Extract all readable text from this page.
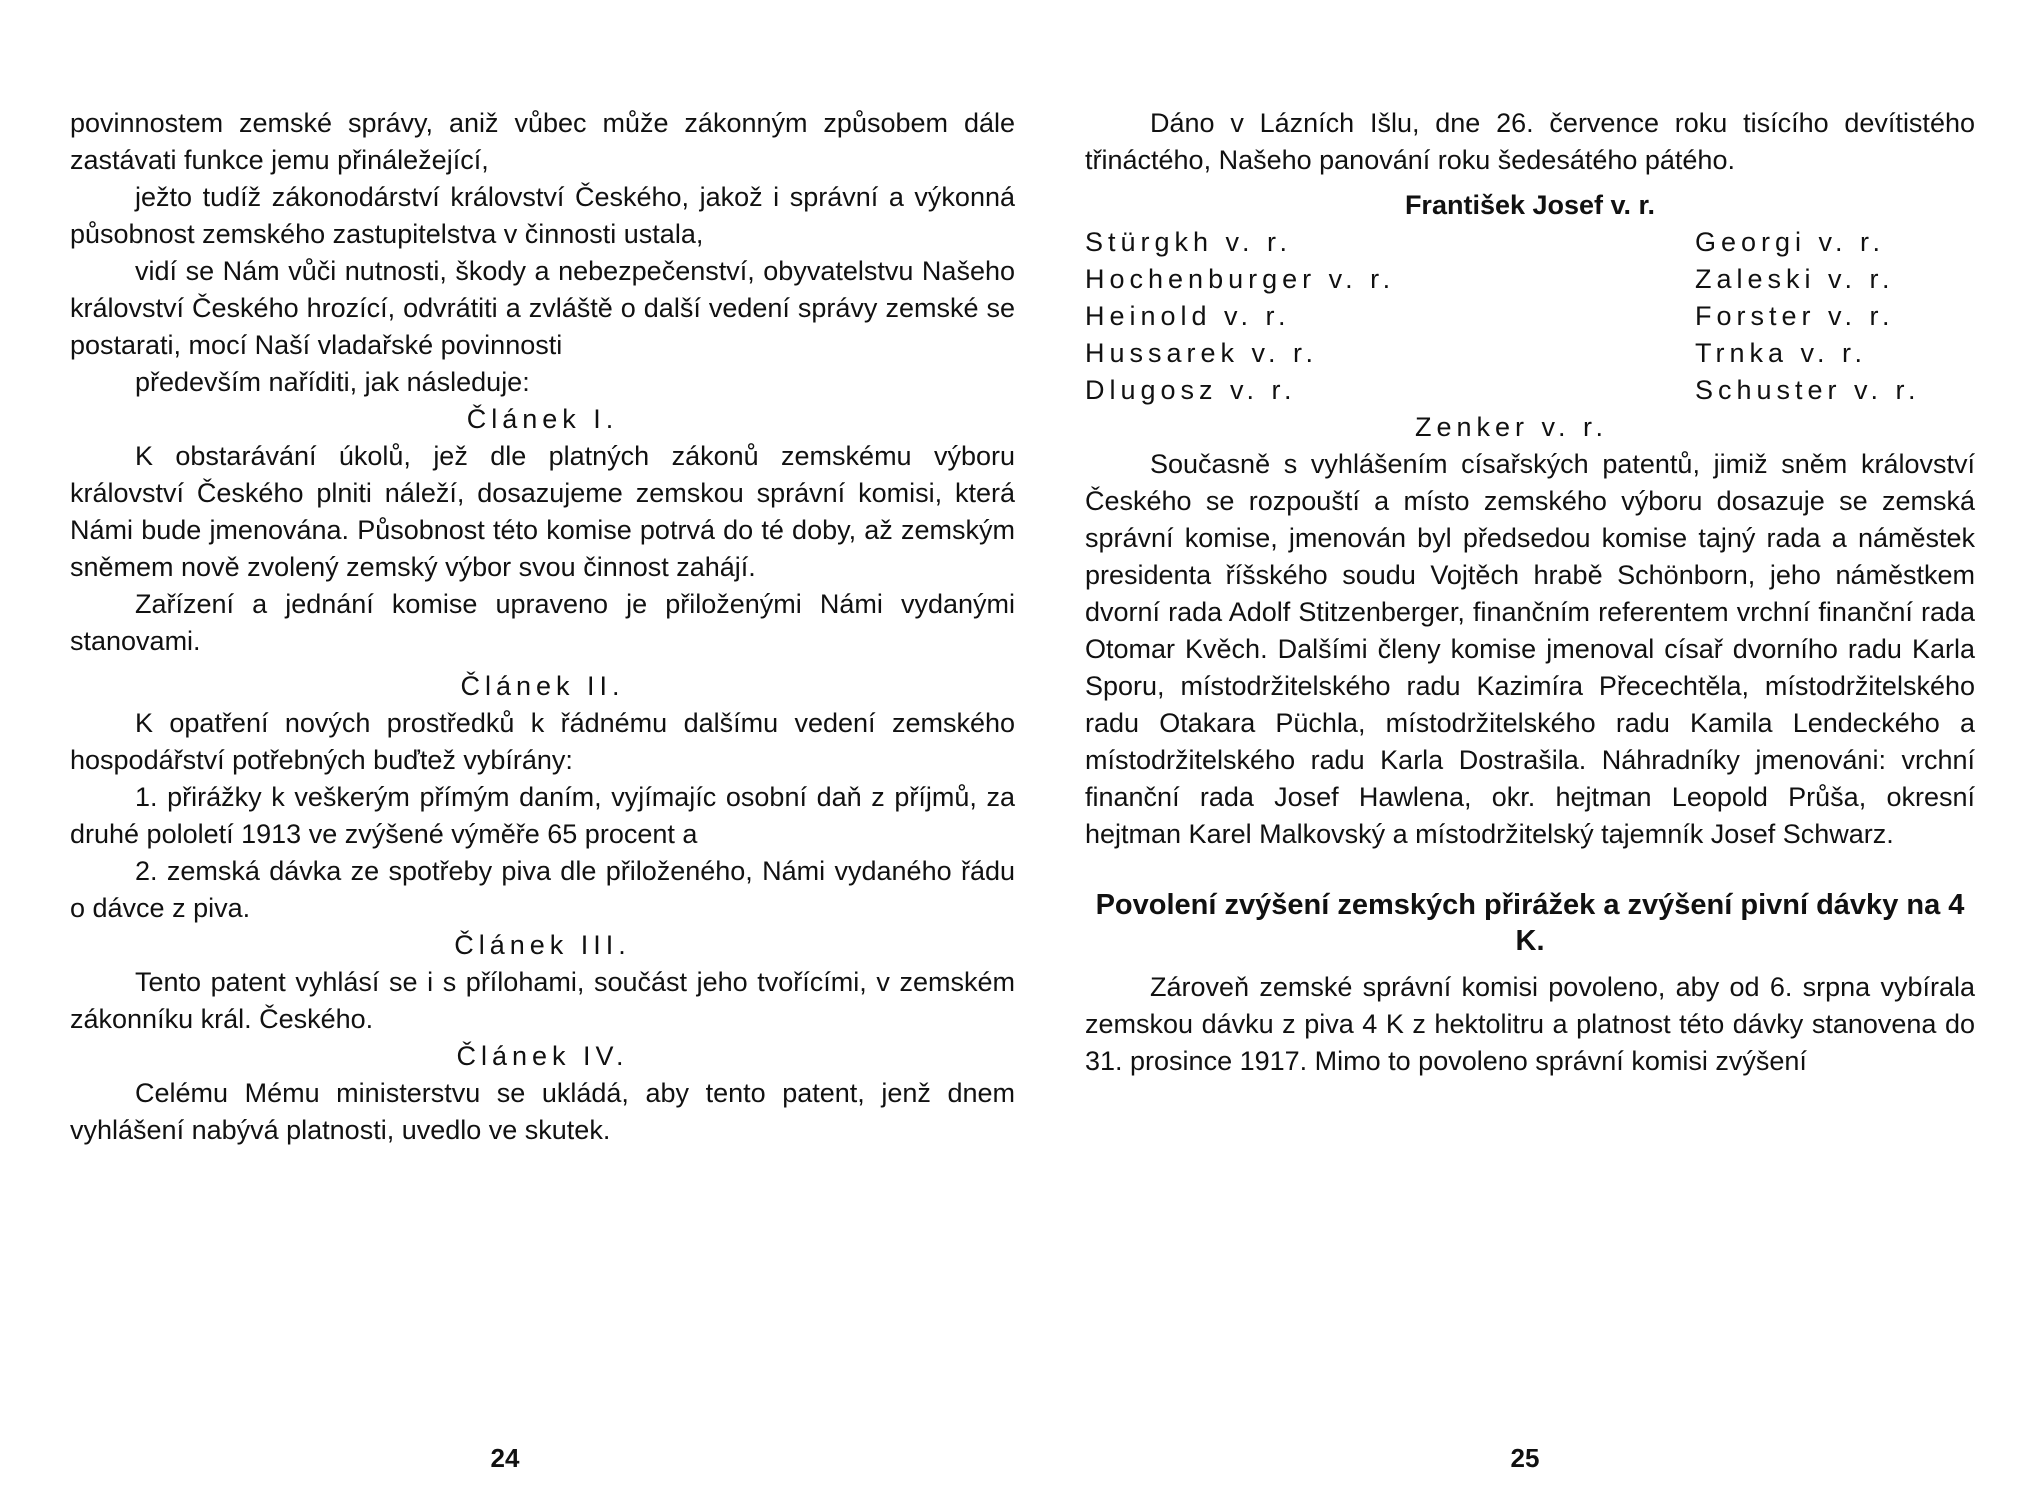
povinnostem zemské správy, aniž vůbec může zákonným způsobem dále zastávati funkce jemu přináležející,

ježto tudíž zákonodárství království Českého, jakož i správní a výkonná působnost zemského zastupitelstva v činnosti ustala,

vidí se Nám vůči nutnosti, škody a nebezpečenství, obyvatelstvu Našeho království Českého hrozící, odvrátiti a zvláště o další vedení správy zemské se postarati, mocí Naší vladařské povinnosti

především naříditi, jak následuje:

Článek I.

K obstarávání úkolů, jež dle platných zákonů zemskému výboru království Českého plniti náleží, dosazujeme zemskou správní komisi, která Námi bude jmenována. Působnost této komise potrvá do té doby, až zemským sněmem nově zvolený zemský výbor svou činnost zahájí.

Zařízení a jednání komise upraveno je přiloženými Námi vydanými stanovami.

Článek II.

K opatření nových prostředků k řádnému dalšímu vedení zemského hospodářství potřebných buďtež vybírány:

1. přirážky k veškerým přímým daním, vyjímajíc osobní daň z příjmů, za druhé pololetí 1913 ve zvýšené výměře 65 procent a

2. zemská dávka ze spotřeby piva dle přiloženého, Námi vydaného řádu o dávce z piva.

Článek III.

Tento patent vyhlásí se i s přílohami, součást jeho tvořícími, v zemském zákonníku král. Českého.

Článek IV.

Celému Mému ministerstvu se ukládá, aby tento patent, jenž dnem vyhlášení nabývá platnosti, uvedlo ve skutek.

24

Dáno v Lázních Išlu, dne 26. července roku tisícího devítistého třináctého, Našeho panování roku šedesátého pátého.

František Josef v. r.

Stürgkh v. r.	Georgi v. r.
Hochenburger v. r.	Zaleski v. r.
Heinold v. r.	Forster v. r.
Hussarek v. r.	Trnka v. r.
Dlugosz v. r.	Schuster v. r.
Zenker v. r.

Současně s vyhlášením císařských patentů, jimiž sněm království Českého se rozpouští a místo zemského výboru dosazuje se zemská správní komise, jmenován byl předsedou komise tajný rada a náměstek presidenta říšského soudu Vojtěch hrabě Schönborn, jeho náměstkem dvorní rada Adolf Stitzenberger, finančním referentem vrchní finanční rada Otomar Kvěch. Dalšími členy komise jmenoval císař dvorního radu Karla Sporu, místodržitelského radu Kazimíra Přecechtěla, místodržitelského radu Otakara Püchla, místodržitelského radu Kamila Lendeckého a místodržitelského radu Karla Dostrašila. Náhradníky jmenováni: vrchní finanční rada Josef Hawlena, okr. hejtman Leopold Průša, okresní hejtman Karel Malkovský a místodržitelský tajemník Josef Schwarz.

Povolení zvýšení zemských přirážek a zvýšení pivní dávky na 4 K.

Zároveň zemské správní komisi povoleno, aby od 6. srpna vybírala zemskou dávku z piva 4 K z hektolitru a platnost této dávky stanovena do 31. prosince 1917. Mimo to povoleno správní komisi zvýšení

25
